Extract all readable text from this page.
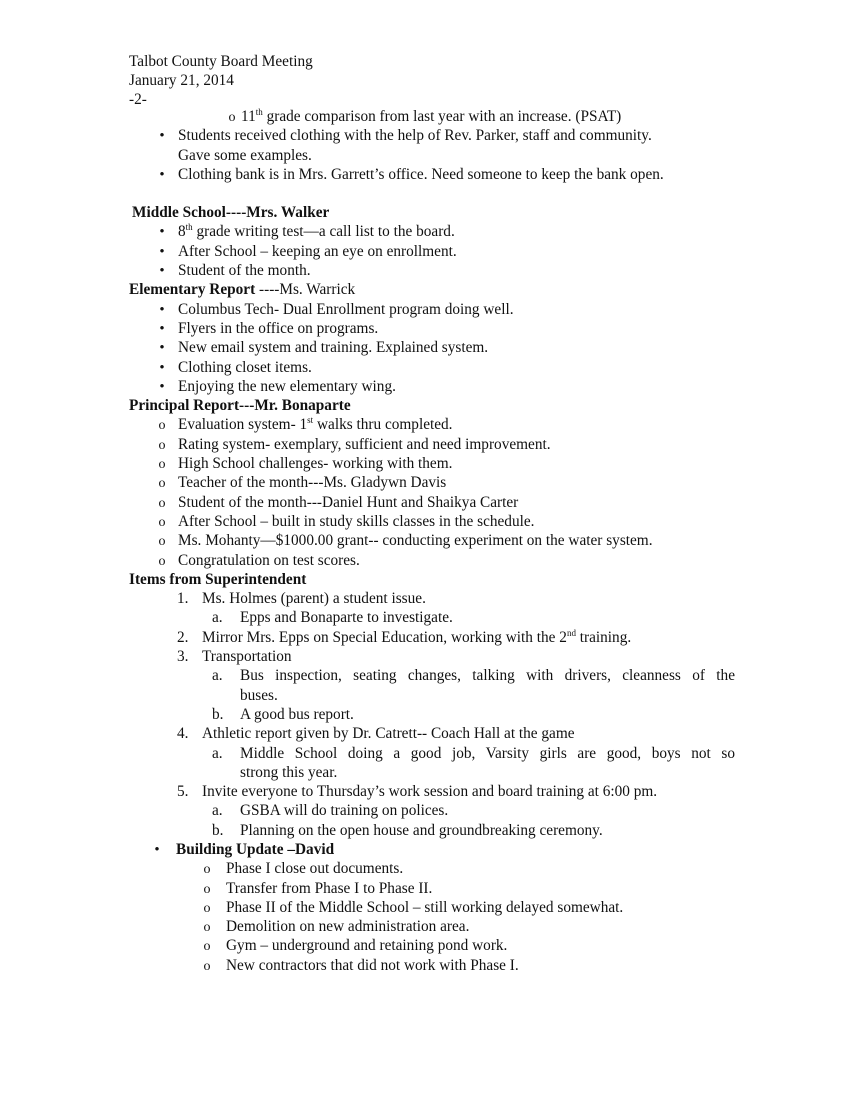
Talbot County Board Meeting
January 21, 2014
-2-
o
11th grade comparison from last year with an increase. (PSAT)
•
Students received clothing with the help of Rev. Parker, staff and community.
Gave some examples.
•
Clothing bank is in Mrs. Garrett’s office. Need someone to keep the bank open.
Middle School----Mrs. Walker
•
8th grade writing test—a call list to the board.
•
After School – keeping an eye on enrollment.
•
Student of the month.
Elementary Report ----Ms. Warrick
•
Columbus Tech- Dual Enrollment program doing well.
•
Flyers in the office on programs.
•
New email system and training. Explained system.
•
Clothing closet items.
•
Enjoying the new elementary wing.
Principal Report---Mr. Bonaparte
o
Evaluation system- 1st walks thru completed.
o
Rating system- exemplary, sufficient and need improvement.
o
High School challenges- working with them.
o
Teacher of the month---Ms. Gladywn Davis
o
Student of the month---Daniel Hunt and Shaikya Carter
o
After School – built in study skills classes in the schedule.
o
Ms. Mohanty—$1000.00 grant-- conducting experiment on the water system.
o
Congratulation on test scores.
Items from Superintendent
1. Ms. Holmes (parent) a student issue.
a. Epps and Bonaparte to investigate.
2. Mirror Mrs. Epps on Special Education, working with the 2nd training.
3. Transportation
a. Bus inspection, seating changes, talking with drivers, cleanness of the
buses.
b. A good bus report.
4. Athletic report given by Dr. Catrett-- Coach Hall at the game
a. Middle School doing a good job, Varsity girls are good, boys not so
strong this year.
5. Invite everyone to Thursday’s work session and board training at 6:00 pm.
a. GSBA will do training on polices.
b. Planning on the open house and groundbreaking ceremony.
•
Building Update –David
o
Phase I close out documents.
o
Transfer from Phase I to Phase II.
o
Phase II of the Middle School – still working delayed somewhat.
o
Demolition on new administration area.
o
Gym – underground and retaining pond work.
o
New contractors that did not work with Phase I.
